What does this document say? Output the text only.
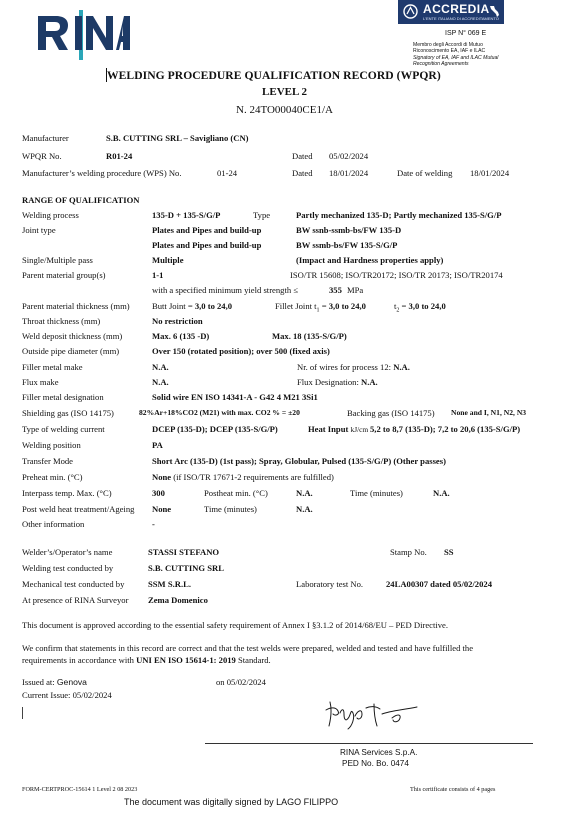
ACCREDIA
L'ENTE ITALIANO DI ACCREDITAMENTO
ISP N° 069 E
Membro degli Accordi di Mutuo
Riconoscimento EA, IAF e ILAC
Signatory of EA, IAF and ILAC Mutual
Recognition Agreements
WELDING PROCEDURE QUALIFICATION RECORD (WPQR)
LEVEL 2
N. 24TO00040CE1/A
Manufacturer	S.B. CUTTING SRL – Savigliano (CN)
WPQR No.	R01-24	Dated 05/02/2024
Manufacturer’s welding procedure (WPS) No.	01-24	Dated 18/01/2024	Date of welding 18/01/2024
RANGE OF QUALIFICATION
Welding process	135-D + 135-S/G/P	Type	Partly mechanized 135-D; Partly mechanized 135-S/G/P
Joint type	Plates and Pipes and build-up	BW ssnb-ssmb-bs/FW 135-D
Plates and Pipes and build-up	BW ssmb-bs/FW 135-S/G/P
Single/Multiple pass	Multiple	(Impact and Hardness properties apply)
Parent material group(s)	1-1	ISO/TR 15608; ISO/TR20172; ISO/TR 20173; ISO/TR20174
with a specified minimum yield strength ≤	355 MPa
Parent material thickness (mm)	Butt Joint = 3,0 to 24,0	Fillet Joint $t_1 = 3,0$ to 24,0	$t_2 = 3,0$ to 24,0
Throat thickness (mm)	No restriction
Weld deposit thickness (mm)	Max. 6 (135 -D)	Max. 18 (135-S/G/P)
Outside pipe diameter (mm)	Over 150 (rotated position); over 500 (fixed axis)
Filler metal make	N.A.	Nr. of wires for process 12: N.A.
Flux make	N.A.	Flux Designation: N.A.
Filler metal designation	Solid wire EN ISO 14341-A - G42 4 M21 3Si1
Shielding gas (ISO 14175)	82%Ar+18%CO2 (M21) with max. CO2 % = ±20	Backing gas (ISO 14175) None and I, N1, N2, N3
Type of welding current	DCEP (135-D); DCEP (135-S/G/P)	Heat Input kJ/cm 5,2 to 8,7 (135-D); 7,2 to 20,6 (135-S/G/P)
Welding position	PA
Transfer Mode	Short Arc (135-D) (1st pass); Spray, Globular, Pulsed (135-S/G/P) (Other passes)
Preheat min. (°C)	None (if ISO/TR 17671-2 requirements are fulfilled)
Interpass temp. Max. (°C)	300	Postheat min. (°C)	N.A.	Time (minutes)	N.A.
Post weld heat treatment/Ageing None	Time (minutes)	N.A.
Other information	-
Welder’s/Operator’s name	STASSI STEFANO	Stamp No. SS
Welding test conducted by	S.B. CUTTING SRL
Mechanical test conducted by	SSM S.R.L.	Laboratory test No.	24LA00307 dated 05/02/2024
At presence of RINA Surveyor Zema Domenico
This document is approved according to the essential safety requirement of Annex I §3.1.2 of 2014/68/EU – PED Directive.
We confirm that statements in this record are correct and that the test welds were prepared, welded and tested and have fulfilled the
requirements in accordance with UNI EN ISO 15614-1: 2019 Standard.
Issued at: Genova	on 05/02/2024
Current Issue: 05/02/2024
RINA Services S.p.A.
PED No. Bo. 0474
FORM-CERTPROC-15614 1 Level 2 08 2023	This certificate consists of 4 pages
The document was digitally signed by LAGO FILIPPO
